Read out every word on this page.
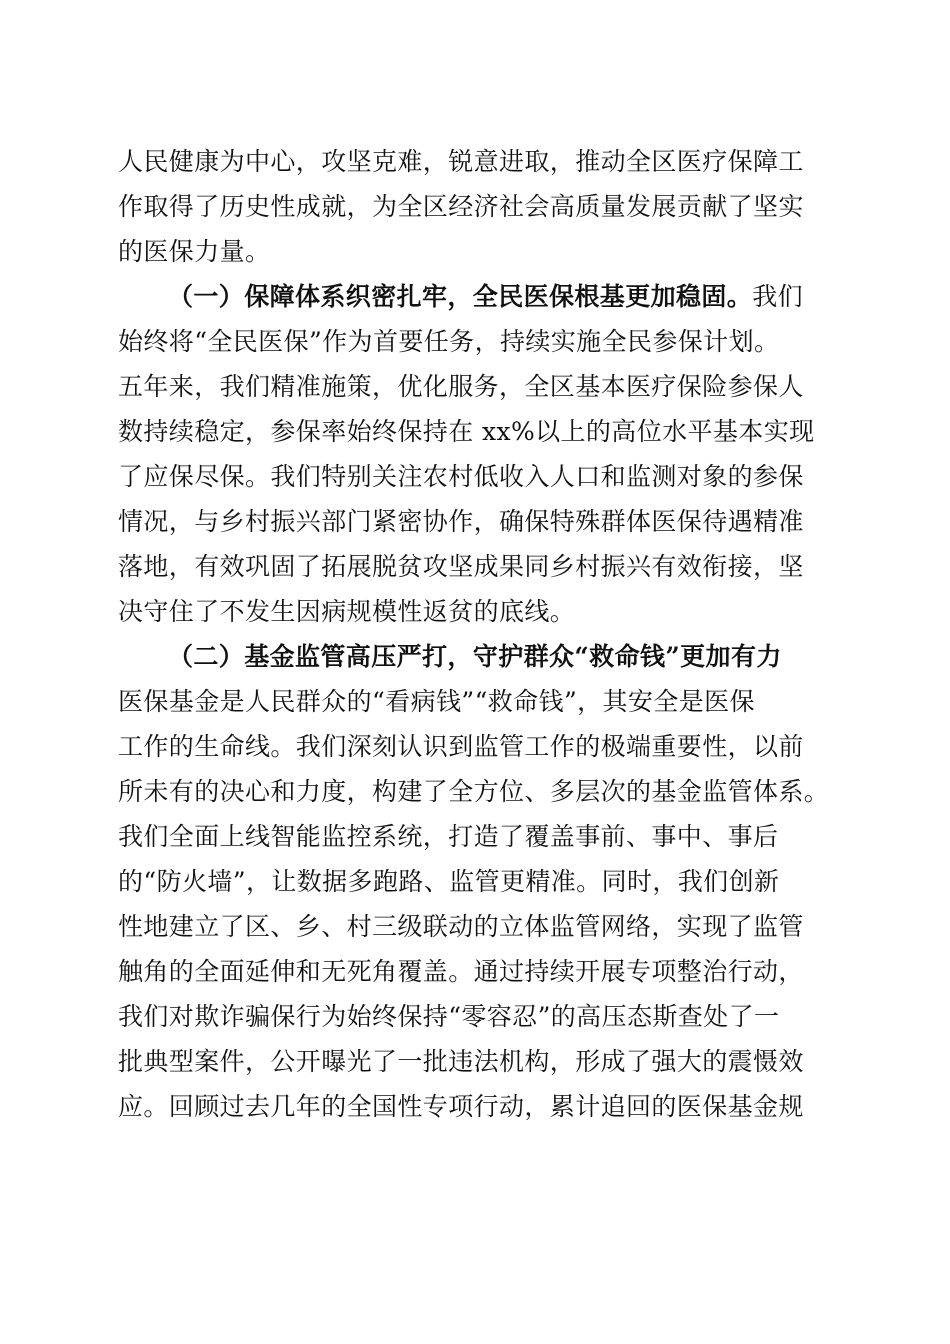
人民健康为中心，攻坚克难，锐意进取，推动全区医疗保障工
作取得了历史性成就，为全区经济社会高质量发展贡献了坚实
的医保力量。
（一）保障体系织密扎牢，全民医保根基更加稳固。我们
始终将“全民医保”作为首要任务，持续实施全民参保计划。
五年来，我们精准施策，优化服务，全区基本医疗保险参保人
数持续稳定，参保率始终保持在 xx%以上的高位水平基本实现
了应保尽保。我们特别关注农村低收入人口和监测对象的参保
情况，与乡村振兴部门紧密协作，确保特殊群体医保待遇精准
落地，有效巩固了拓展脱贫攻坚成果同乡村振兴有效衔接，坚
决守住了不发生因病规模性返贫的底线。
（二）基金监管高压严打，守护群众“救命钱”更加有力
医保基金是人民群众的“看病钱”“救命钱”，其安全是医保
工作的生命线。我们深刻认识到监管工作的极端重要性，以前
所未有的决心和力度，构建了全方位、多层次的基金监管体系。
我们全面上线智能监控系统，打造了覆盖事前、事中、事后
的“防火墙”，让数据多跑路、监管更精准。同时，我们创新
性地建立了区、乡、村三级联动的立体监管网络，实现了监管
触角的全面延伸和无死角覆盖。通过持续开展专项整治行动，
我们对欺诈骗保行为始终保持“零容忍”的高压态斯查处了一
批典型案件，公开曝光了一批违法机构，形成了强大的震慑效
应。回顾过去几年的全国性专项行动，累计追回的医保基金规
